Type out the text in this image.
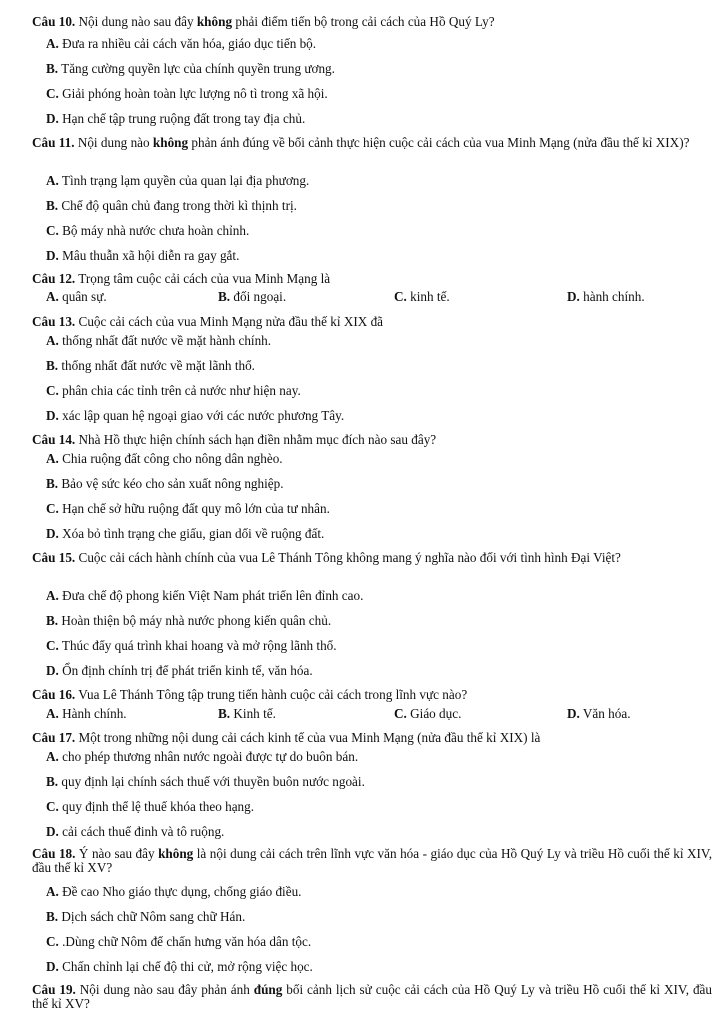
Câu 10. Nội dung nào sau đây không phải điểm tiến bộ trong cải cách của Hồ Quý Ly?
A. Đưa ra nhiều cải cách văn hóa, giáo dục tiến bộ.
B. Tăng cường quyền lực của chính quyền trung ương.
C. Giải phóng hoàn toàn lực lượng nô tì trong xã hội.
D. Hạn chế tập trung ruộng đất trong tay địa chủ.
Câu 11. Nội dung nào không phản ánh đúng về bối cảnh thực hiện cuộc cải cách của vua Minh Mạng (nửa đầu thế kỉ XIX)?
A. Tình trạng lạm quyền của quan lại địa phương.
B. Chế độ quân chủ đang trong thời kì thịnh trị.
C. Bộ máy nhà nước chưa hoàn chỉnh.
D. Mâu thuẫn xã hội diễn ra gay gắt.
Câu 12. Trọng tâm cuộc cải cách của vua Minh Mạng là
A. quân sự.	B. đối ngoại.	C. kinh tế.	D. hành chính.
Câu 13. Cuộc cải cách của vua Minh Mạng nửa đầu thế kỉ XIX đã
A. thống nhất đất nước về mặt hành chính.
B. thống nhất đất nước về mặt lãnh thổ.
C. phân chia các tỉnh trên cả nước như hiện nay.
D. xác lập quan hệ ngoại giao với các nước phương Tây.
Câu 14. Nhà Hồ thực hiện chính sách hạn điền nhằm mục đích nào sau đây?
A. Chia ruộng đất công cho nông dân nghèo.
B. Bảo vệ sức kéo cho sản xuất nông nghiệp.
C. Hạn chế sở hữu ruộng đất quy mô lớn của tư nhân.
D. Xóa bỏ tình trạng che giấu, gian dối về ruộng đất.
Câu 15. Cuộc cải cách hành chính của vua Lê Thánh Tông không mang ý nghĩa nào đối với tình hình Đại Việt?
A. Đưa chế độ phong kiến Việt Nam phát triển lên đỉnh cao.
B. Hoàn thiện bộ máy nhà nước phong kiến quân chủ.
C. Thúc đẩy quá trình khai hoang và mở rộng lãnh thổ.
D. Ổn định chính trị để phát triển kinh tế, văn hóa.
Câu 16. Vua Lê Thánh Tông tập trung tiến hành cuộc cải cách trong lĩnh vực nào?
A. Hành chính.	B. Kinh tế.	C. Giáo dục.	D. Văn hóa.
Câu 17. Một trong những nội dung cải cách kinh tế của vua Minh Mạng (nửa đầu thế kỉ XIX) là
A. cho phép thương nhân nước ngoài được tự do buôn bán.
B. quy định lại chính sách thuế với thuyền buôn nước ngoài.
C. quy định thể lệ thuế khóa theo hạng.
D. cải cách thuế đinh và tô ruộng.
Câu 18. Ý nào sau đây không là nội dung cải cách trên lĩnh vực văn hóa - giáo dục của Hồ Quý Ly và triều Hồ cuối thế kỉ XIV, đầu thế kỉ XV?
A. Đề cao Nho giáo thực dụng, chống giáo điều.
B. Dịch sách chữ Nôm sang chữ Hán.
C. .Dùng chữ Nôm để chấn hưng văn hóa dân tộc.
D. Chấn chỉnh lại chế độ thi cử, mở rộng việc học.
Câu 19. Nội dung nào sau đây phản ánh đúng bối cảnh lịch sử cuộc cải cách của Hồ Quý Ly và triều Hồ cuối thế kỉ XIV, đầu thế kỉ XV?
